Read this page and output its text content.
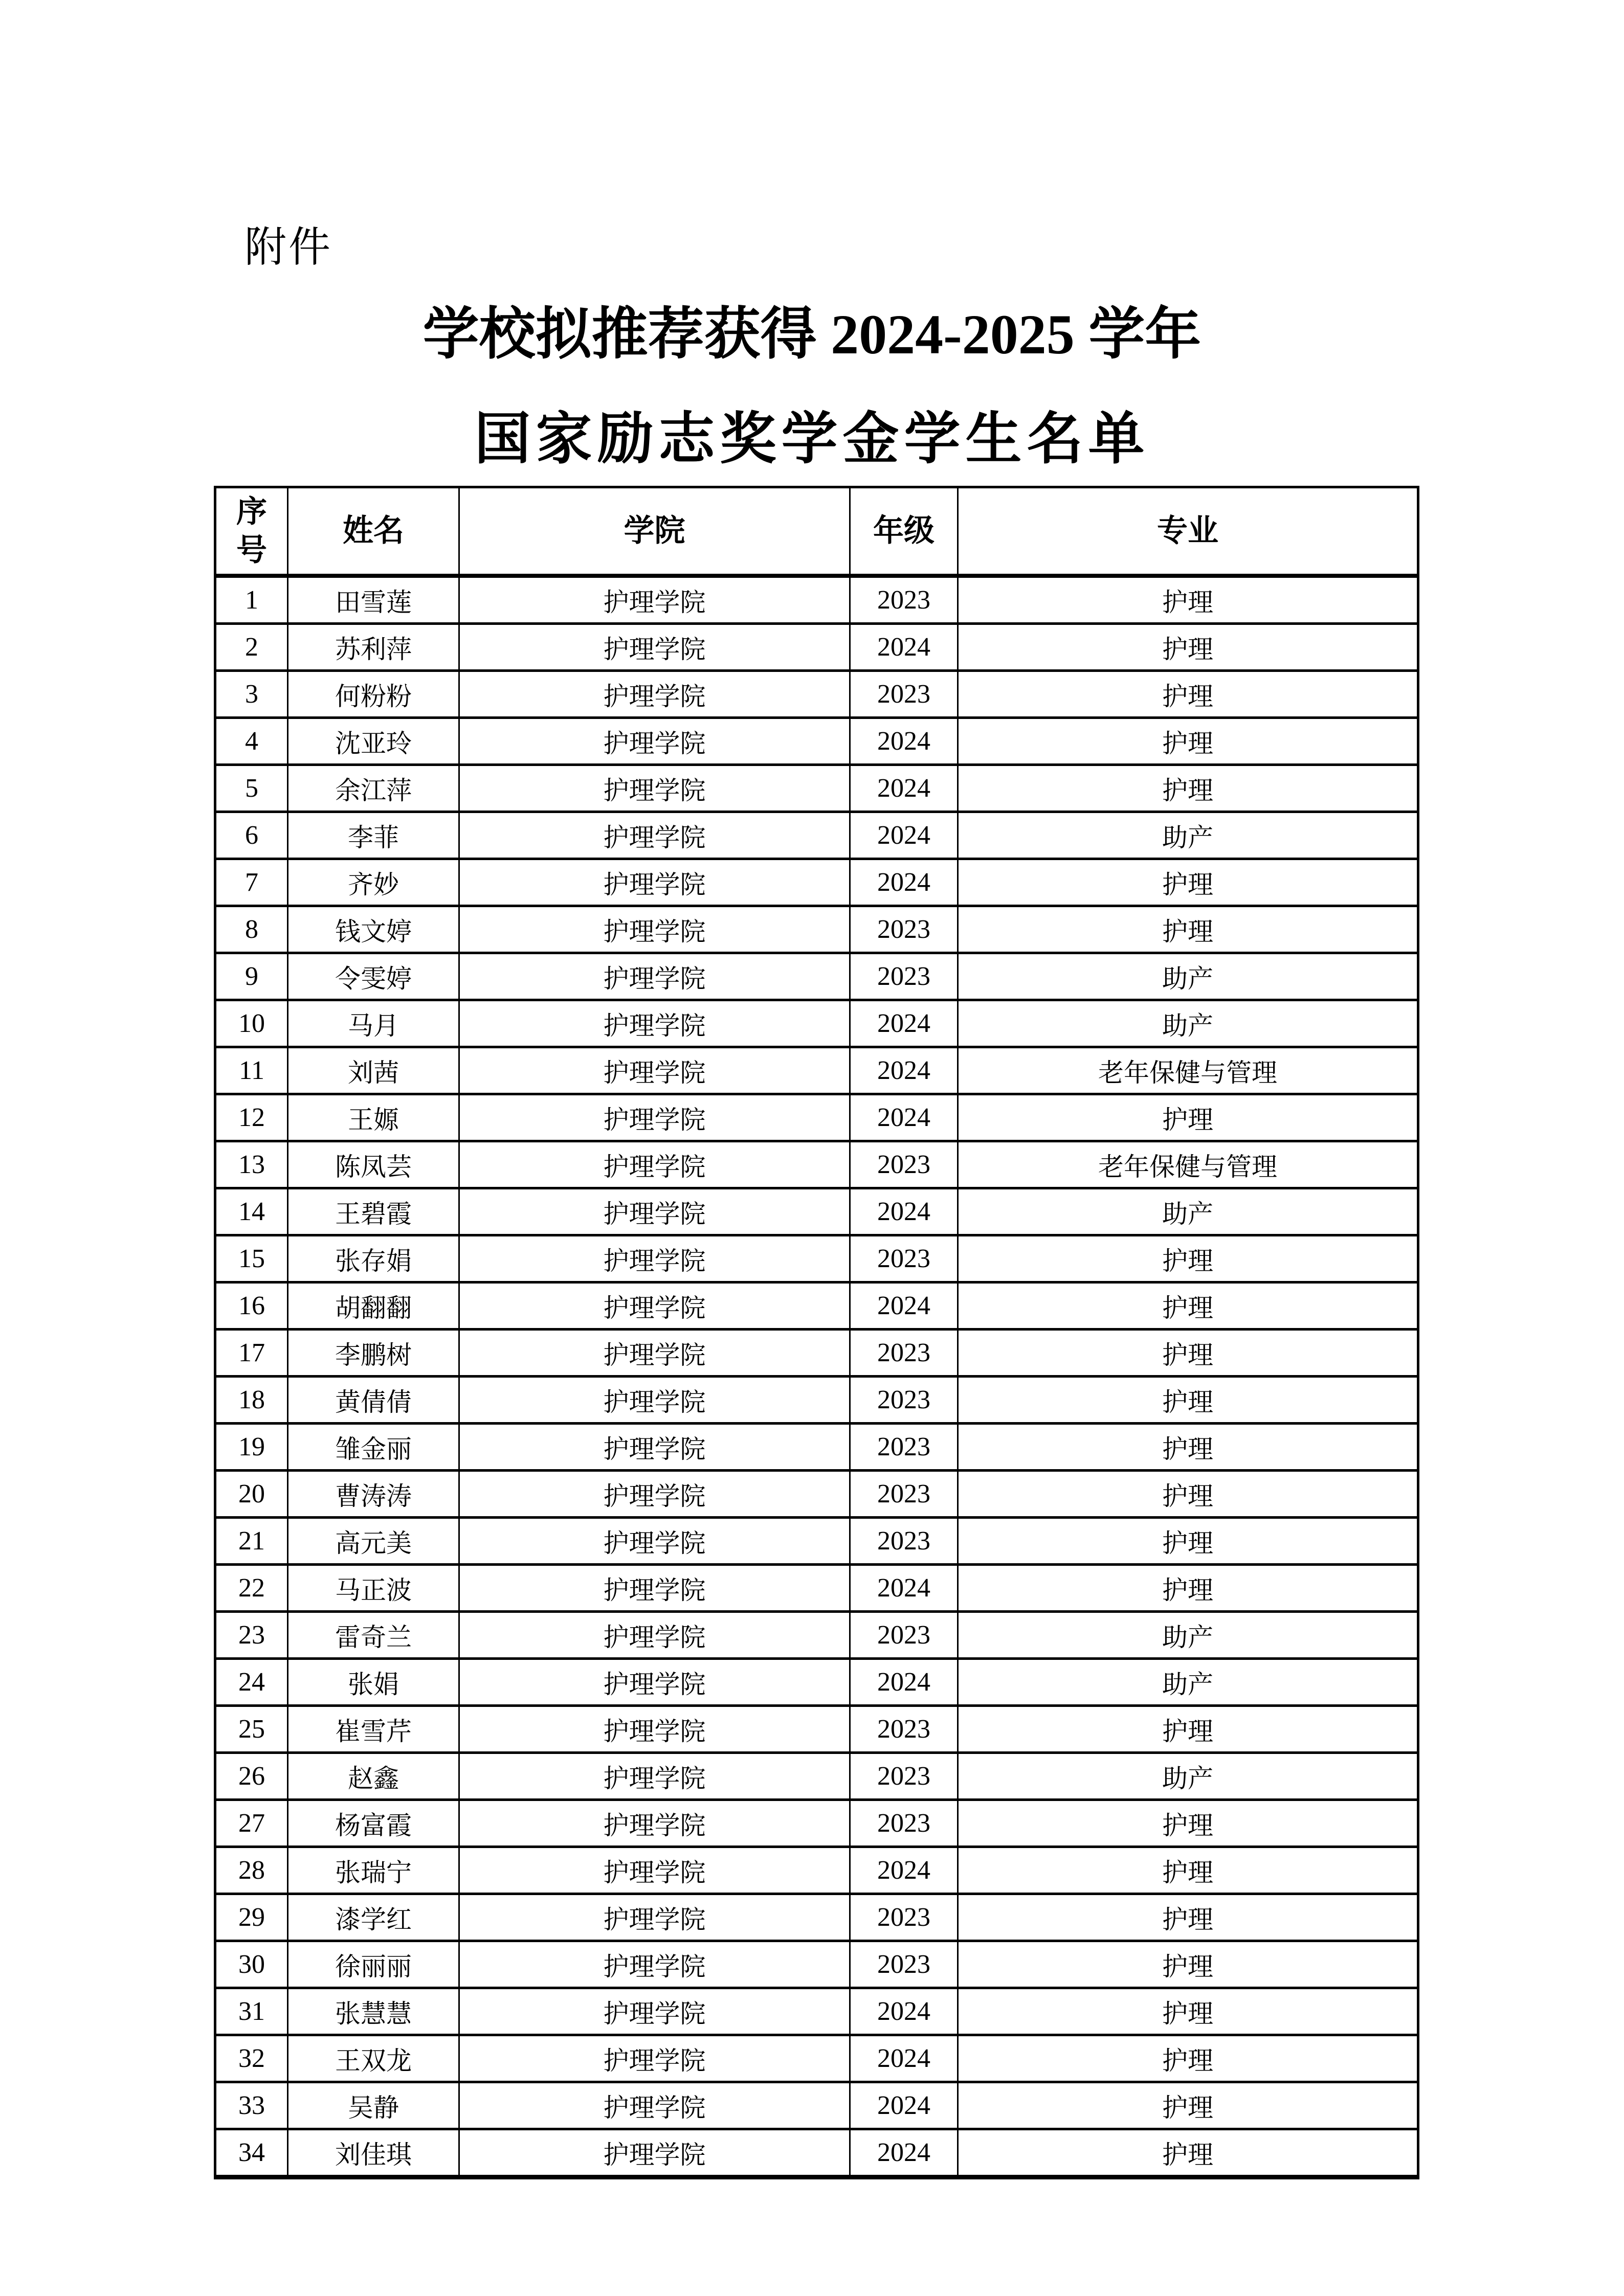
附件
学校拟推荐获得 2024-2025 学年
国家励志奖学金学生名单
序号	姓名	学院	年级	专业
1	田雪莲	护理学院	2023	护理
2	苏利萍	护理学院	2024	护理
3	何粉粉	护理学院	2023	护理
4	沈亚玲	护理学院	2024	护理
5	余江萍	护理学院	2024	护理
6	李菲	护理学院	2024	助产
7	齐妙	护理学院	2024	护理
8	钱文婷	护理学院	2023	护理
9	令雯婷	护理学院	2023	助产
10	马月	护理学院	2024	助产
11	刘茜	护理学院	2024	老年保健与管理
12	王嫄	护理学院	2024	护理
13	陈凤芸	护理学院	2023	老年保健与管理
14	王碧霞	护理学院	2024	助产
15	张存娟	护理学院	2023	护理
16	胡翻翻	护理学院	2024	护理
17	李鹏树	护理学院	2023	护理
18	黄倩倩	护理学院	2023	护理
19	雏金丽	护理学院	2023	护理
20	曹涛涛	护理学院	2023	护理
21	高元美	护理学院	2023	护理
22	马正波	护理学院	2024	护理
23	雷奇兰	护理学院	2023	助产
24	张娟	护理学院	2024	助产
25	崔雪芹	护理学院	2023	护理
26	赵鑫	护理学院	2023	助产
27	杨富霞	护理学院	2023	护理
28	张瑞宁	护理学院	2024	护理
29	漆学红	护理学院	2023	护理
30	徐丽丽	护理学院	2023	护理
31	张慧慧	护理学院	2024	护理
32	王双龙	护理学院	2024	护理
33	吴静	护理学院	2024	护理
34	刘佳琪	护理学院	2024	护理
